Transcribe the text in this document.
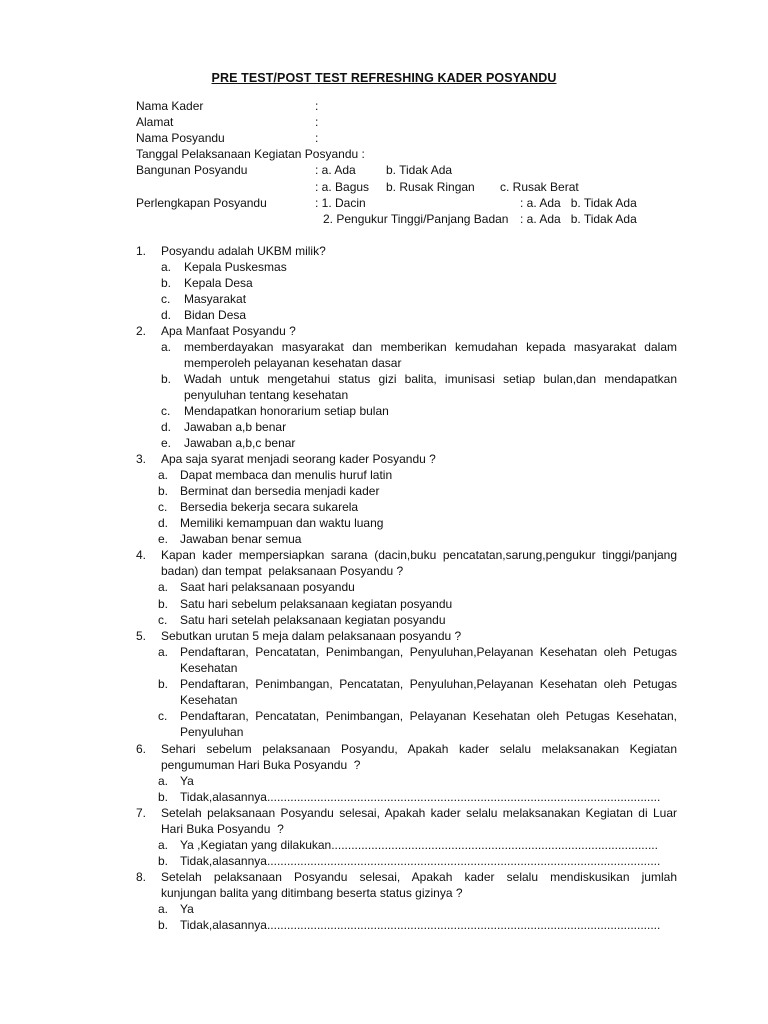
PRE TEST/POST TEST REFRESHING KADER POSYANDU
Nama Kader	:
Alamat	:
Nama Posyandu	:
Tanggal Pelaksanaan Kegiatan Posyandu :
Bangunan Posyandu	: a. Ada	b. Tidak Ada
: a. Bagus b. Rusak Ringan c. Rusak Berat
Perlengkapan Posyandu	: 1. Dacin	: a. Ada   b. Tidak Ada
2. Pengukur Tinggi/Panjang Badan : a. Ada   b. Tidak Ada
1. Posyandu adalah UKBM milik?
a. Kepala Puskesmas
b. Kepala Desa
c. Masyarakat
d. Bidan Desa
2. Apa Manfaat Posyandu ?
a. memberdayakan masyarakat dan memberikan kemudahan kepada masyarakat dalam
memperoleh pelayanan kesehatan dasar
b. Wadah untuk mengetahui status gizi balita, imunisasi setiap bulan,dan mendapatkan
penyuluhan tentang kesehatan
c. Mendapatkan honorarium setiap bulan
d. Jawaban a,b benar
e. Jawaban a,b,c benar
3. Apa saja syarat menjadi seorang kader Posyandu ?
a. Dapat membaca dan menulis huruf latin
b. Berminat dan bersedia menjadi kader
c. Bersedia bekerja secara sukarela
d. Memiliki kemampuan dan waktu luang
e. Jawaban benar semua
4. Kapan kader mempersiapkan sarana (dacin,buku pencatatan,sarung,pengukur tinggi/panjang
badan) dan tempat  pelaksanaan Posyandu ?
a. Saat hari pelaksanaan posyandu
b. Satu hari sebelum pelaksanaan kegiatan posyandu
c. Satu hari setelah pelaksanaan kegiatan posyandu
5. Sebutkan urutan 5 meja dalam pelaksanaan posyandu ?
a. Pendaftaran, Pencatatan, Penimbangan, Penyuluhan,Pelayanan Kesehatan oleh Petugas
Kesehatan
b. Pendaftaran, Penimbangan, Pencatatan, Penyuluhan,Pelayanan Kesehatan oleh Petugas
Kesehatan
c. Pendaftaran, Pencatatan, Penimbangan, Pelayanan Kesehatan oleh Petugas Kesehatan,
Penyuluhan
6. Sehari sebelum pelaksanaan Posyandu, Apakah kader selalu melaksanakan Kegiatan
pengumuman Hari Buka Posyandu  ?
a. Ya
b. Tidak,alasannya......................................................................................................................
7. Setelah pelaksanaan Posyandu selesai, Apakah kader selalu melaksanakan Kegiatan di Luar
Hari Buka Posyandu  ?
a. Ya ,Kegiatan yang dilakukan..................................................................................................
b. Tidak,alasannya......................................................................................................................
8. Setelah pelaksanaan Posyandu selesai, Apakah kader selalu mendiskusikan jumlah
kunjungan balita yang ditimbang beserta status gizinya ?
a. Ya
b. Tidak,alasannya......................................................................................................................
